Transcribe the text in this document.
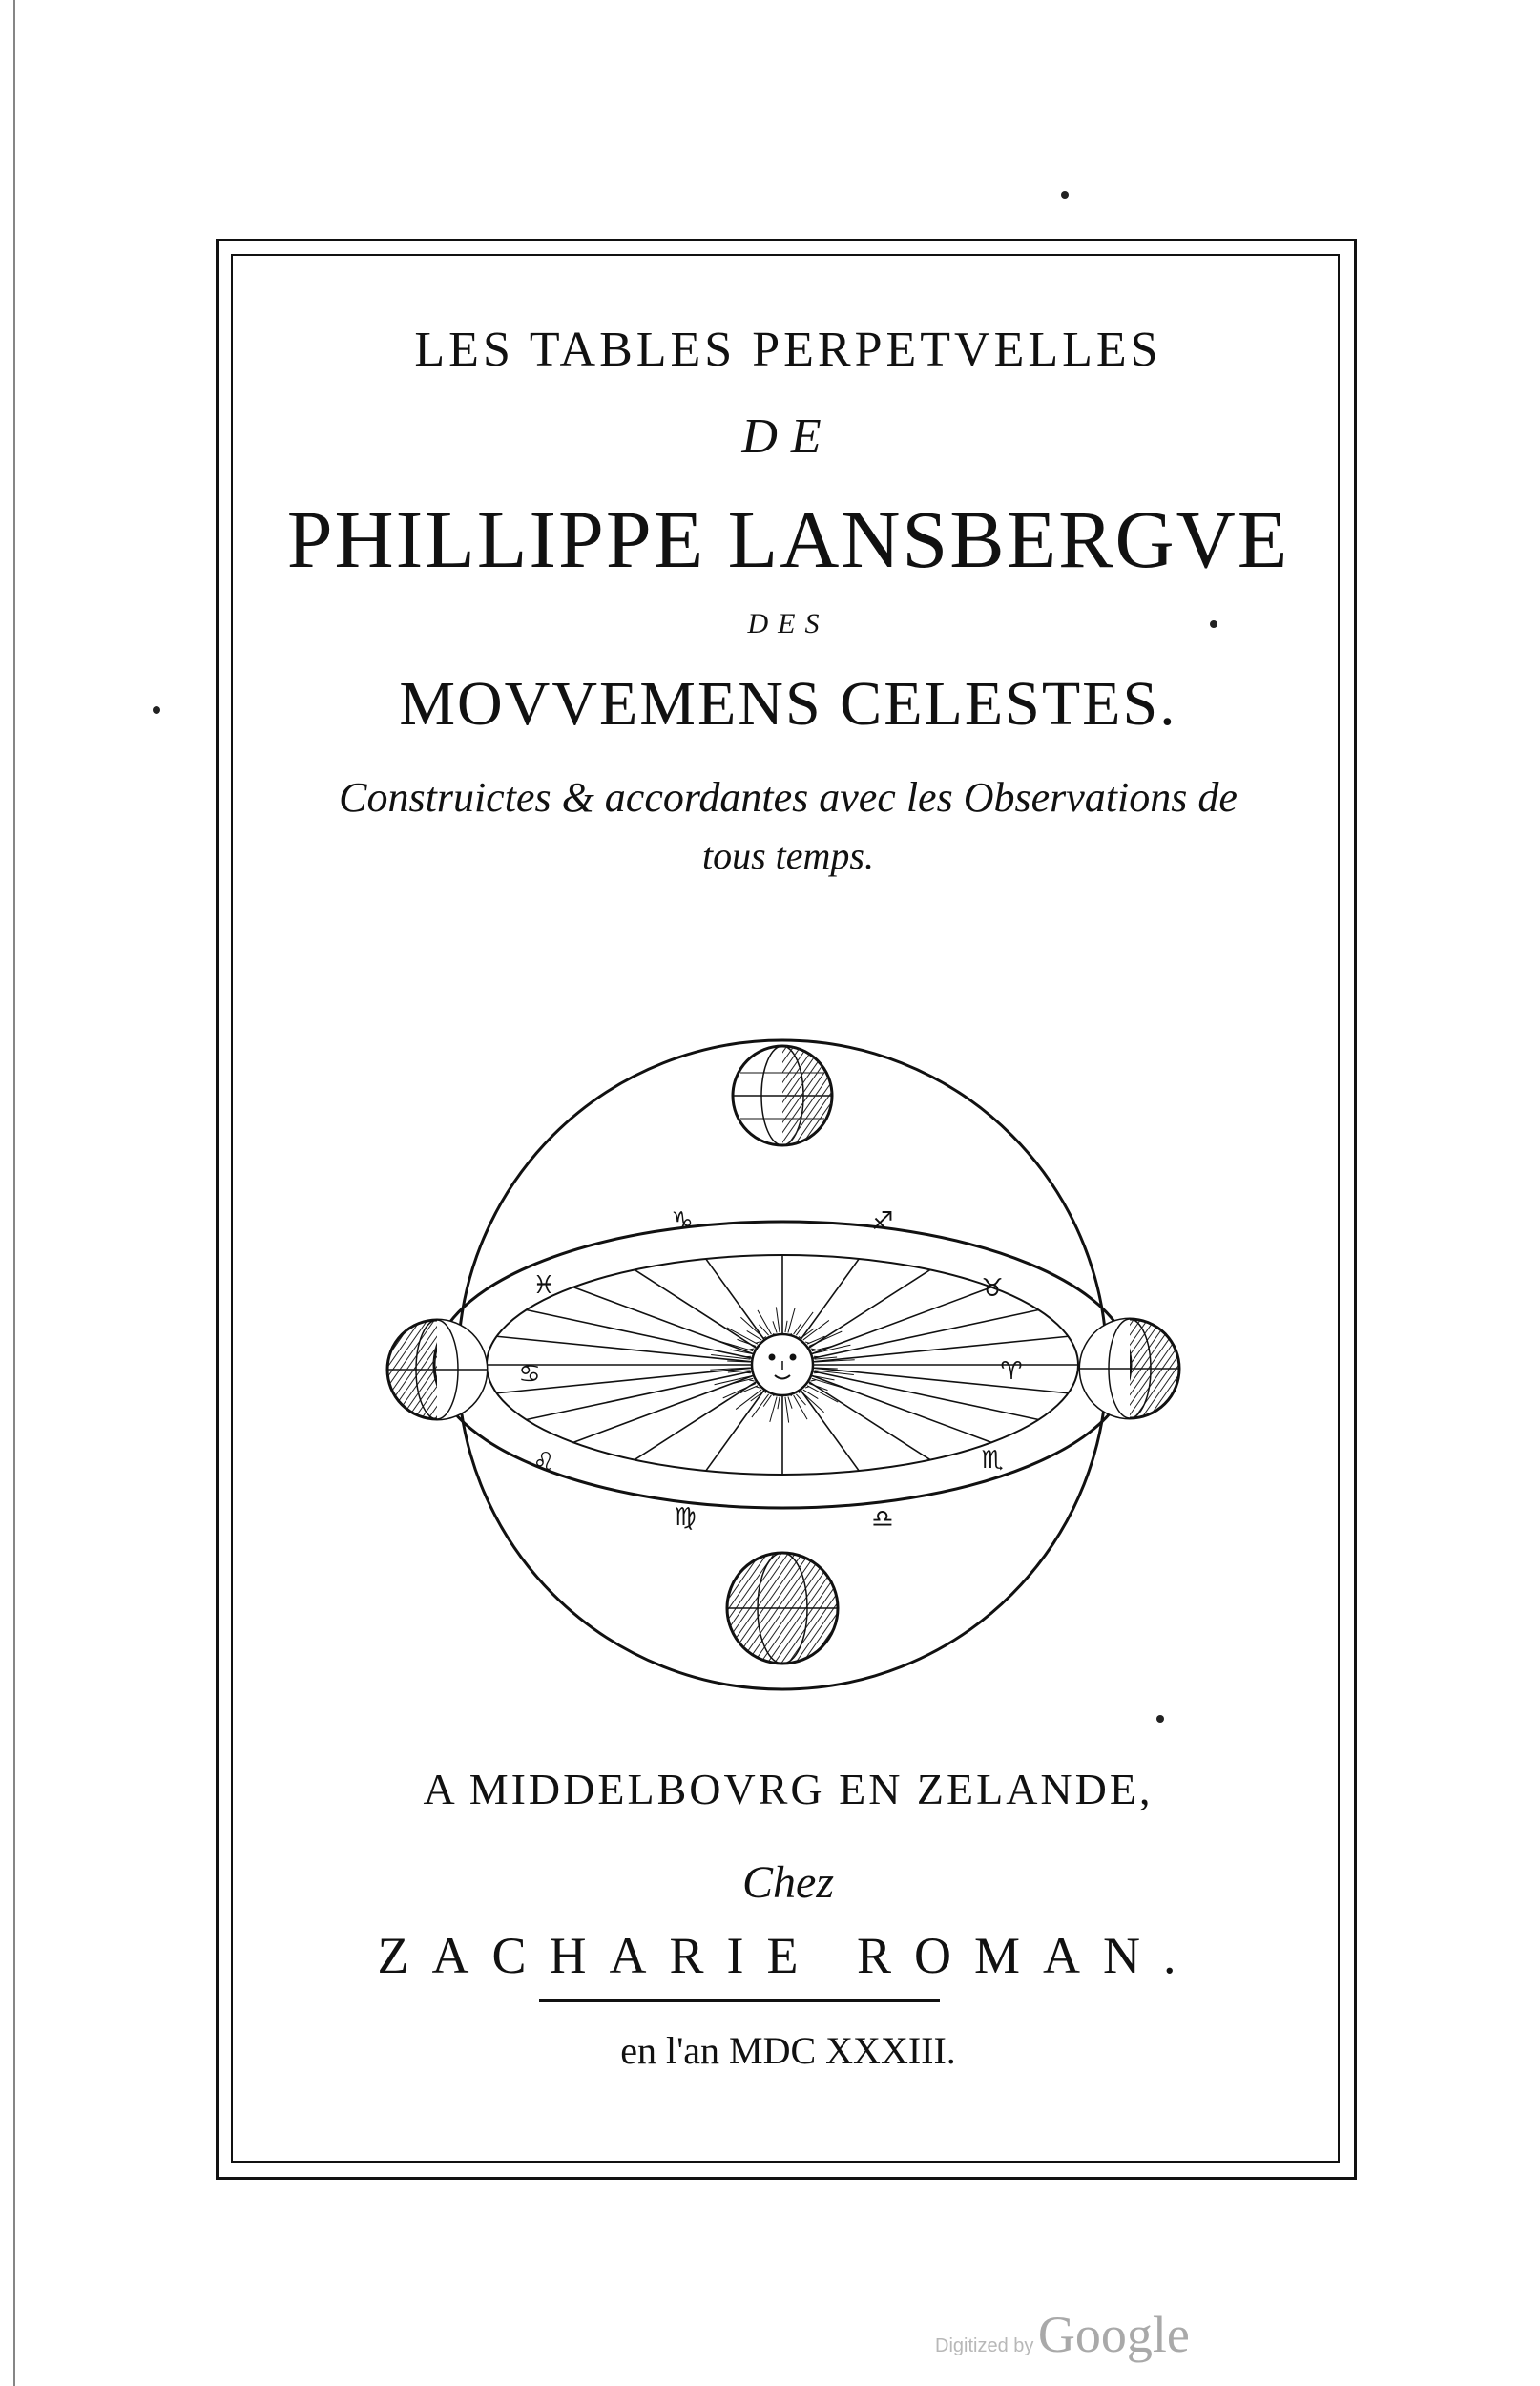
LES TABLES PERPETVELLES
DE
PHILLIPPE LANSBERGVE
DES
MOVVEMENS CELESTES.
Construictes & accordantes avec les Observations de
tous temps.
♓
♑	♐
♋
♌
♍	♎
♏
♈
♉
A MIDDELBOVRG EN ZELANDE,
Chez
ZACHARIE ROMAN.
en l'an MDC XXXIII.
Digitized by Google
